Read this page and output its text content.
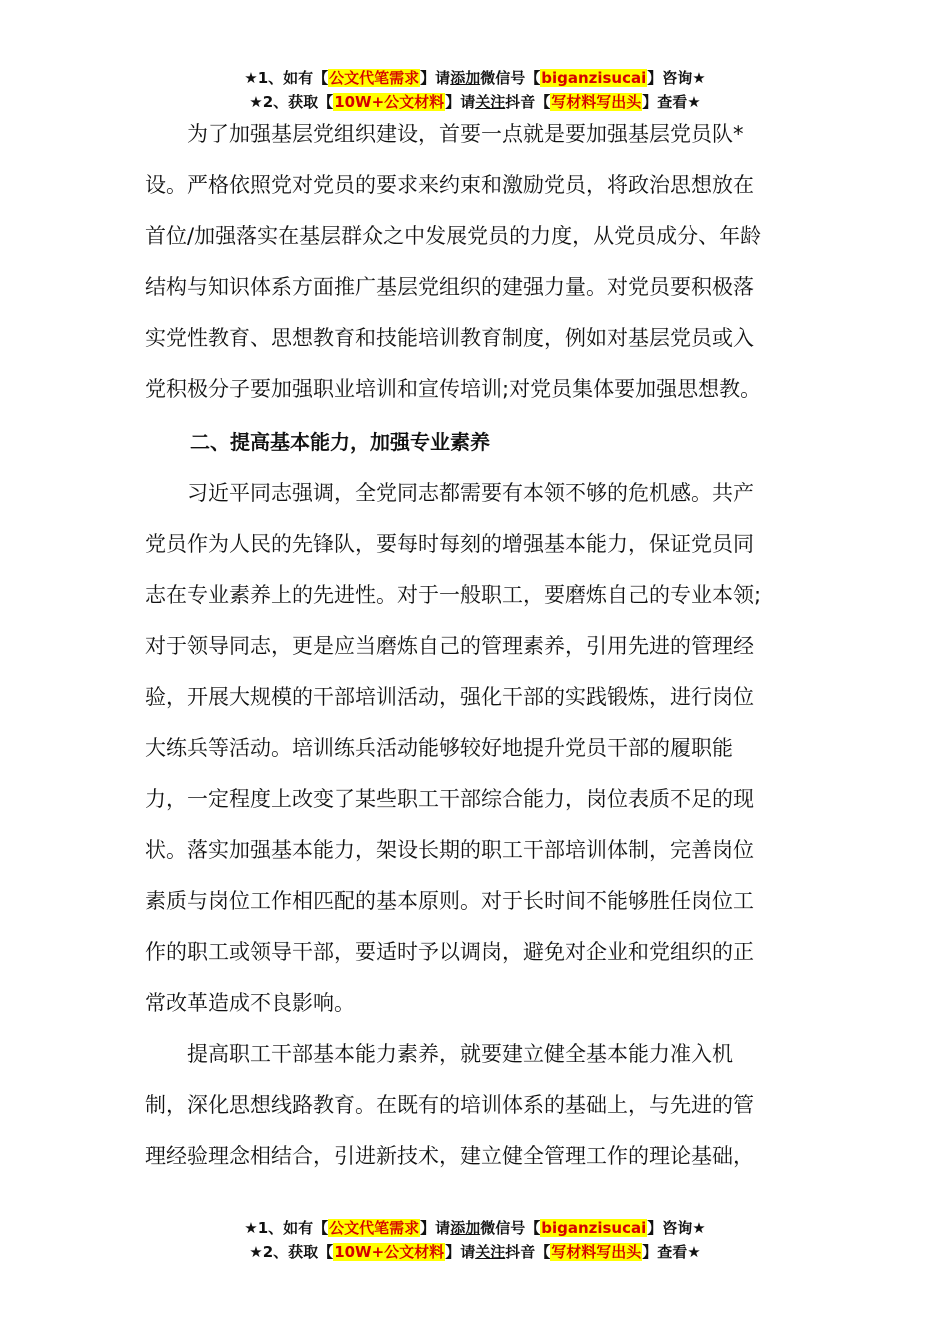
★1、如有【公文代笔需求】请添加微信号【biganzisucai】咨询★
★2、获取【10W+公文材料】请关注抖音【写材料写出头】查看★
　　为了加强基层党组织建设，首要一点就是要加强基层党员队*
设。严格依照党对党员的要求来约束和激励党员，将政治思想放在
首位/加强落实在基层群众之中发展党员的力度，从党员成分、年龄
结构与知识体系方面推广基层党组织的建强力量。对党员要积极落
实党性教育、思想教育和技能培训教育制度，例如对基层党员或入
党积极分子要加强职业培训和宣传培训;对党员集体要加强思想教。
二、提高基本能力，加强专业素养
　　习近平同志强调，全党同志都需要有本领不够的危机感。共产
党员作为人民的先锋队，要每时每刻的增强基本能力，保证党员同
志在专业素养上的先进性。对于一般职工，要磨炼自己的专业本领;
对于领导同志，更是应当磨炼自己的管理素养，引用先进的管理经
验，开展大规模的干部培训活动，强化干部的实践锻炼，进行岗位
大练兵等活动。培训练兵活动能够较好地提升党员干部的履职能
力，一定程度上改变了某些职工干部综合能力，岗位表质不足的现
状。落实加强基本能力，架设长期的职工干部培训体制，完善岗位
素质与岗位工作相匹配的基本原则。对于长时间不能够胜任岗位工
作的职工或领导干部，要适时予以调岗，避免对企业和党组织的正
常改革造成不良影响。
　　提高职工干部基本能力素养，就要建立健全基本能力准入机
制，深化思想线路教育。在既有的培训体系的基础上，与先进的管
理经验理念相结合，引进新技术，建立健全管理工作的理论基础，
★1、如有【公文代笔需求】请添加微信号【biganzisucai】咨询★
★2、获取【10W+公文材料】请关注抖音【写材料写出头】查看★
